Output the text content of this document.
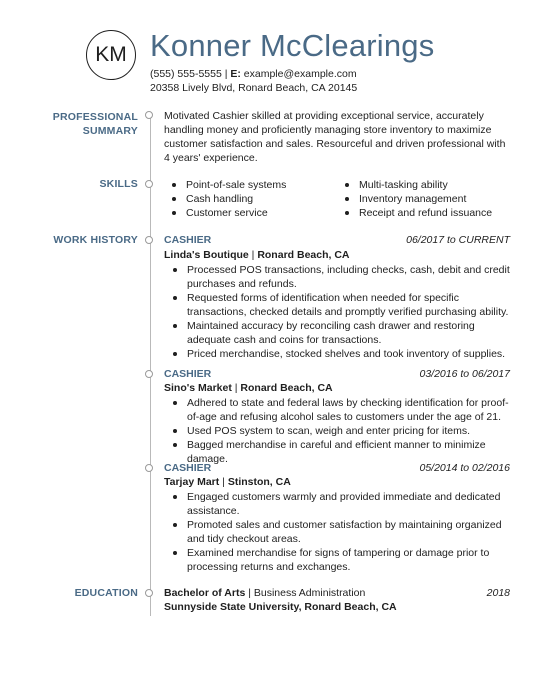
KM Konner McClearings
(555) 555-5555 | E: example@example.com
20358 Lively Blvd, Ronard Beach, CA 20145
PROFESSIONAL
SUMMARY
Motivated Cashier skilled at providing exceptional service, accurately handling money and proficiently managing store inventory to maximize customer satisfaction and sales. Resourceful and driven professional with 4 years' experience.
SKILLS	Point-of-sale systems
Cash handling
Customer service
Multi-tasking ability
Inventory management
Receipt and refund issuance
WORK HISTORY CASHIER	06/2017 to CURRENT
Linda's Boutique | Ronard Beach, CA
Processed POS transactions, including checks, cash, debit and credit purchases and refunds.
Requested forms of identification when needed for specific transactions, checked details and promptly verified purchasing ability.
Maintained accuracy by reconciling cash drawer and restoring adequate cash and coins for transactions.
Priced merchandise, stocked shelves and took inventory of supplies.
CASHIER	03/2016 to 06/2017
Sino's Market | Ronard Beach, CA
Adhered to state and federal laws by checking identification for proof-of-age and refusing alcohol sales to customers under the age of 21.
Used POS system to scan, weigh and enter pricing for items.
Bagged merchandise in careful and efficient manner to minimize damage.
CASHIER	05/2014 to 02/2016
Tarjay Mart | Stinston, CA
Engaged customers warmly and provided immediate and dedicated assistance.
Promoted sales and customer satisfaction by maintaining organized and tidy checkout areas.
Examined merchandise for signs of tampering or damage prior to processing returns and exchanges.
EDUCATION Bachelor of Arts | Business Administration	2018
Sunnyside State University, Ronard Beach, CA
